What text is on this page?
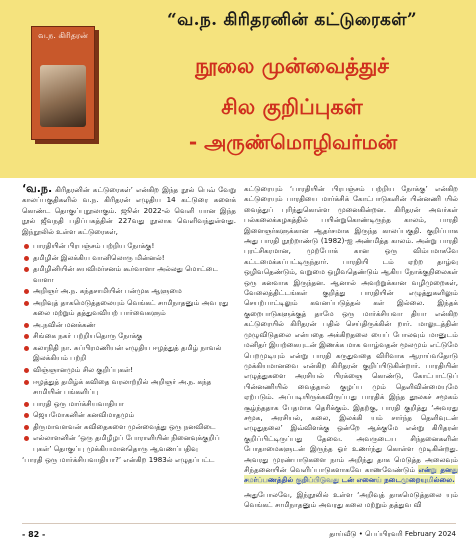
வ.ந. கிரிதரன்
“வ.ந. கிரிதரனின் கட்டுரைகள்”
நூலை முன்வைத்துச்
சில குறிப்புகள்
- அருண்மொழிவர்மன்

‘வ.ந. கிரிதரனின் கட்டுரைகள்’ என்கிற இந்த நூல் பெவ் வேறு காலப்பகுதிகளில் வ.ந. கிரிதரன் எழுதிய 14 கட்டுரை களைக் கொண்ட தொகுப்புநூலாகும். ஜூன் 2022-ல் வெளி யான இந்த நூல் ஜீவநதி பதிப்பகத்தின் 227வது நூலாக வெளிவந்துள்ளது. இந்நூலில் உள்ள கட்டுரைகள்,

பாரதியின் பிரபஞ்சம் பற்றிய நோக்கு!
தமிழின் இலக்கிய வானிலொரு மின்னல்!
தமிழினியின் சுயவிமர்சனம் கூர்வாளா அல்லது மொட்டை வாளா
அறிஞர் அ.ந. கந்தசாமியின் பன்முக ஆளுமை
அறிவுத் தாகமெடுத்தலையும் வெங்கட் சாமிநாதனும் அவ ரது கலை மற்றும் தத்துவவியற் பார்வைகளும்
அ.நவின் மனக்கண்
சிங்கை நகர் பற்றியதொரு நோக்கு
கலாநிதி நா. சுப்பிரமணியன் எழுதிய ஈழத்துத் தமிழ் நாவல் இலக்கியம் பற்றி
விஞ்ஞானமும் சில குறிப்புகள்!
ஈழத்துத் தமிழ்க் கவிதை வரலாற்றில் அறிஞர் அ.ந. கந்த சாமியின் பங்களிப்பு
பாரதி ஒரு மார்க்சியவாதியா
ஜெயமோகனின் கனவிமாதமும்
திருமாவளவன் கவிதைகளை முன்வைத்து ஒரு நனவிடை
எல்லாளனின் ‘ஒரு தமிழீழப் போராளியின் நினைவுக்குறிப் புகள்’ தொகுப்பு முக்கியமானதொரு ஆவணப்பதிவு

‘பாரதி ஒரு மார்க்சியவாதியா?’ என்கிற 1983ல் எழுதப்பட்ட

கட்டுரையும் ‘பாரதியின் பிரபஞ்சம் பற்றிய நோக்கு’ என்கிற கட்டுரையும் பாரதியை மார்க்சிக் கோட்பாடுகளின் பின்னணி யில் வைத்துப் புரிந்துகொள்ள முனைகின்றன. கிரிதரன் அவர்கள் பல்கலைக்கழகத்தில் பயின்றுகொண்டிருந்த காலம், பாரதி இளைஞர்களுக்கான ஆதர்சமாக இருந்த காலப்பகுதி. குறிப்பாக அது பாரதி நூற்றாண்டு (1982)-ஐ அண்மித்த காலம். அன்று பாரதி புரட்சிகரமான, முற்போக் கான ஒரு விம்பமாகவே கட்டமைக்கப்பட்டிருந்தார். பாரதியி டம் ஏற்ற தாழ்வு ஒழிவதெண்டும், வறுமை ஒழிவதெண்டும் ஆகிய நோக்குநிலைகள் ஒரு கனவாக இருந்தன. ஆனால் அவற்றுக்கான வழிமுறைகள், வேலைத்திட்டங்கள் குறித்து பாரதியின் எழுத்துகளிலும் செயற்பாட்டிலும் கவனப்படுத்தல் கள் இல்லை. இந்தக் குறைபாடுகளுக்குத் தாமே ஒரு மார்க்சியவா தியா என்கிற கட்டுரையில் கிரிதரன் பதில் செய்திருக்கின் றார். மாலுடத்தின் முழுவிடுதலை என்பதை அக்கிறதலை யைப் போலவும் மானுடம் மனிதர் இயற்கையுடன் இணக்க மாக வாழ்வதன் மூலமும் எட்டுமே பெறமுடியும் என்று பாரதி கருதுவதை விரிவாக ஆராய்வதோடு முக்கியமானவை என்கிற கிரிதரன் குறிப்பிடுகின்றார். பாரதியின் எழுத்துகளை அரசியல் பிரக்ஞை கொண்டு, கோட்பாட்டுப் பின்னணியில் வைத்தால் குழப்ப மும் தெளிவின்மையுமே ஏற்படும். அப்படியிருக்கவிருப்பது பாரதிக் இந்த தூலகச் சமூகம் சூழ்ந்ததாக பேதமாக தெரிக்கும். இதற்கு, பாரதி குறித்து ‘அவரது சமூக, அரசியல், கலை, இலக்கி யம் சார்ந்த தெளிவுடன் எழுதுதலை’ இவ்விளக்கு ஒன்றே ஆக்குமே என்று கிரிதரன் குறிப்பிட்டிருப்பது தேவை. அவருடைய சிந்தனைகளின் போதாமைகளுடன் இருந்த ஓர் உணர்ந்து கொள்ள முடிகின்றது. அவரது முரண்பாடுகளை நாம் அறிந்து தாக மெடுத்த அலைவும் சிந்தனையின் வெளிப்பாடுகளாகவே காணவேண்டும் என்று தனது சமர்ப்பணத்தில் குறிப்பிடுவது டன் எனைய் நடைமுறையுமில்லை.

அதுபோலவே, இந்நூலில் உள்ள ‘அறிவுத் தாகமெடுத்தலை யும் வெங்கட் சாமிநாதனும் அவரது கலை மற்றும் தத்துவ வி

- 82 -	தாய்வீடு • பெப்பிரவரி February 2024
